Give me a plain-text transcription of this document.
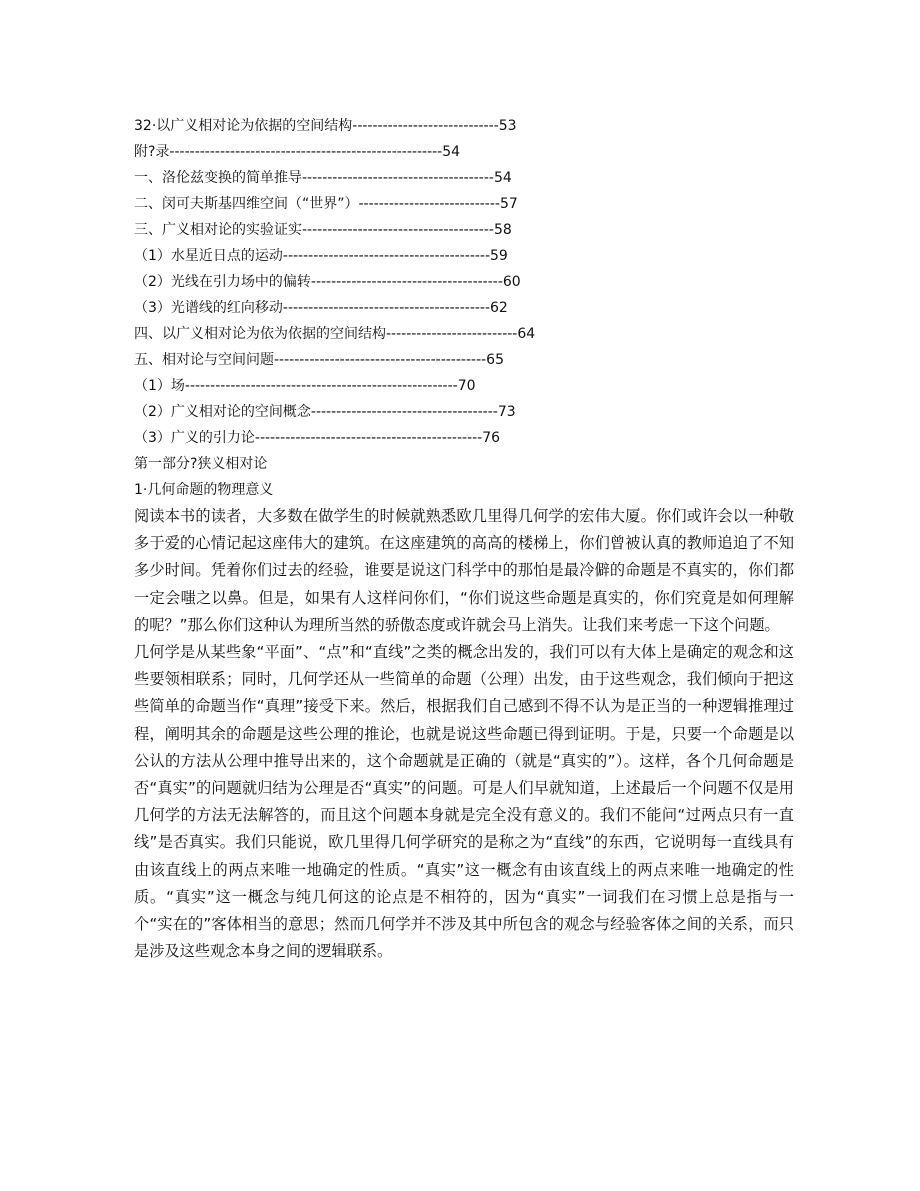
32·以广义相对论为依据的空间结构-----------------------------53
附?录------------------------------------------------------54
一、洛伦兹变换的简单推导--------------------------------------54
二、闵可夫斯基四维空间（“世界”）----------------------------57
三、广义相对论的实验证实--------------------------------------58
（1）水星近日点的运动-----------------------------------------59
（2）光线在引力场中的偏转--------------------------------------60
（3）光谱线的红向移动-----------------------------------------62
四、以广义相对论为依为依据的空间结构--------------------------64
五、相对论与空间问题------------------------------------------65
（1）场------------------------------------------------------70
（2）广义相对论的空间概念-------------------------------------73
（3）广义的引力论---------------------------------------------76
第一部分?狭义相对论
1·几何命题的物理意义

阅读本书的读者，大多数在做学生的时候就熟悉欧几里得几何学的宏伟大厦。你们或许会以一种敬多于爱的心情记起这座伟大的建筑。在这座建筑的高高的楼梯上，你们曾被认真的教师追迫了不知多少时间。凭着你们过去的经验，谁要是说这门科学中的那怕是最冷僻的命题是不真实的，你们都一定会嗤之以鼻。但是，如果有人这样问你们，“你们说这些命题是真实的，你们究竟是如何理解的呢？”那么你们这种认为理所当然的骄傲态度或许就会马上消失。让我们来考虑一下这个问题。

几何学是从某些象“平面”、“点”和“直线”之类的概念出发的，我们可以有大体上是确定的观念和这些要领相联系；同时，几何学还从一些简单的命题（公理）出发，由于这些观念，我们倾向于把这些简单的命题当作“真理”接受下来。然后，根据我们自己感到不得不认为是正当的一种逻辑推理过程，阐明其余的命题是这些公理的推论，也就是说这些命题已得到证明。于是，只要一个命题是以公认的方法从公理中推导出来的，这个命题就是正确的（就是“真实的”）。这样，各个几何命题是否“真实”的问题就归结为公理是否“真实”的问题。可是人们早就知道，上述最后一个问题不仅是用几何学的方法无法解答的，而且这个问题本身就是完全没有意义的。我们不能问“过两点只有一直线”是否真实。我们只能说，欧几里得几何学研究的是称之为“直线”的东西，它说明每一直线具有由该直线上的两点来唯一地确定的性质。“真实”这一概念有由该直线上的两点来唯一地确定的性质。“真实”这一概念与纯几何这的论点是不相符的，因为“真实”一词我们在习惯上总是指与一个“实在的”客体相当的意思；然而几何学并不涉及其中所包含的观念与经验客体之间的关系，而只是涉及这些观念本身之间的逻辑联系。
